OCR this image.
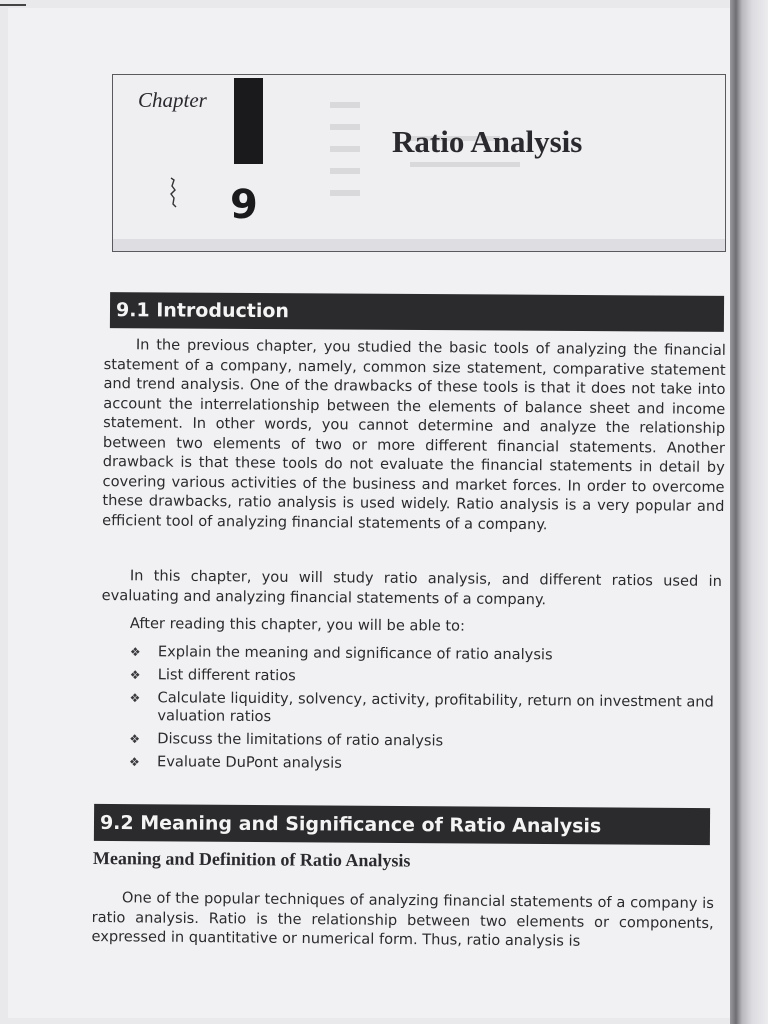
Chapter
9
Ratio Analysis
9.1 Introduction

In the previous chapter, you studied the basic tools of analyzing the financial statement of a company, namely, common size statement, comparative statement and trend analysis. One of the drawbacks of these tools is that it does not take into account the interrelationship between the elements of balance sheet and income statement. In other words, you cannot determine and analyze the relationship between two elements of two or more different financial statements. Another drawback is that these tools do not evaluate the financial statements in detail by covering various activities of the business and market forces. In order to overcome these drawbacks, ratio analysis is used widely. Ratio analysis is a very popular and efficient tool of analyzing financial statements of a company.

In this chapter, you will study ratio analysis, and different ratios used in evaluating and analyzing financial statements of a company.

After reading this chapter, you will be able to:

❖ Explain the meaning and significance of ratio analysis
❖ List different ratios
❖ Calculate liquidity, solvency, activity, profitability, return on investment and valuation ratios
❖ Discuss the limitations of ratio analysis
❖ Evaluate DuPont analysis
9.2 Meaning and Significance of Ratio Analysis
Meaning and Definition of Ratio Analysis

One of the popular techniques of analyzing financial statements of a company is ratio analysis. Ratio is the relationship between two elements or components, expressed in quantitative or numerical form. Thus, ratio analysis is
